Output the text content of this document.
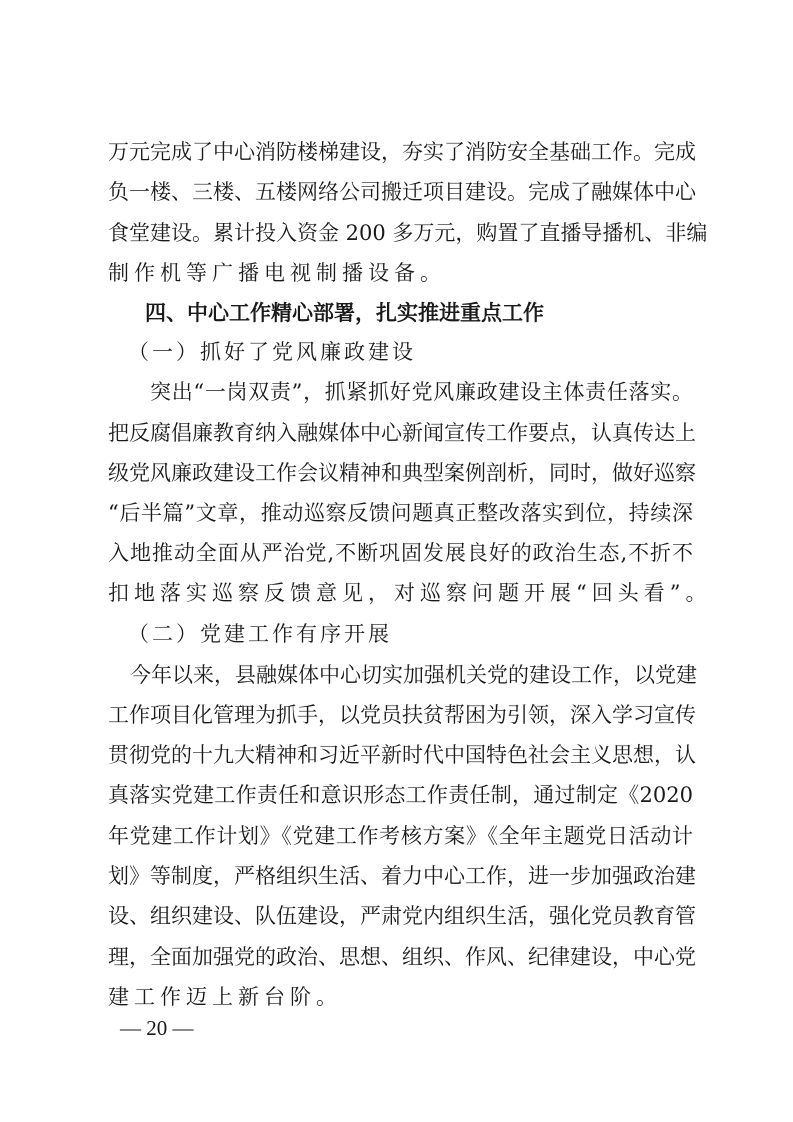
万元完成了中心消防楼梯建设，夯实了消防安全基础工作。完成
负一楼、三楼、五楼网络公司搬迁项目建设。完成了融媒体中心
食堂建设。累计投入资金 200 多万元，购置了直播导播机、非编
制作机等广播电视制播设备。
四、中心工作精心部署，扎实推进重点工作
（一）抓好了党风廉政建设
突出“一岗双责”，抓紧抓好党风廉政建设主体责任落实。
把反腐倡廉教育纳入融媒体中心新闻宣传工作要点，认真传达上
级党风廉政建设工作会议精神和典型案例剖析，同时，做好巡察
“后半篇”文章，推动巡察反馈问题真正整改落实到位，持续深
入地推动全面从严治党,不断巩固发展良好的政治生态,不折不
扣地落实巡察反馈意见，对巡察问题开展“回头看”。
（二）党建工作有序开展
今年以来，县融媒体中心切实加强机关党的建设工作，以党建
工作项目化管理为抓手，以党员扶贫帮困为引领，深入学习宣传
贯彻党的十九大精神和习近平新时代中国特色社会主义思想，认
真落实党建工作责任和意识形态工作责任制，通过制定《2020
年党建工作计划》《党建工作考核方案》《全年主题党日活动计
划》等制度，严格组织生活、着力中心工作，进一步加强政治建
设、组织建设、队伍建设，严肃党内组织生活，强化党员教育管
理，全面加强党的政治、思想、组织、作风、纪律建设，中心党
建工作迈上新台阶。
— 20 —
